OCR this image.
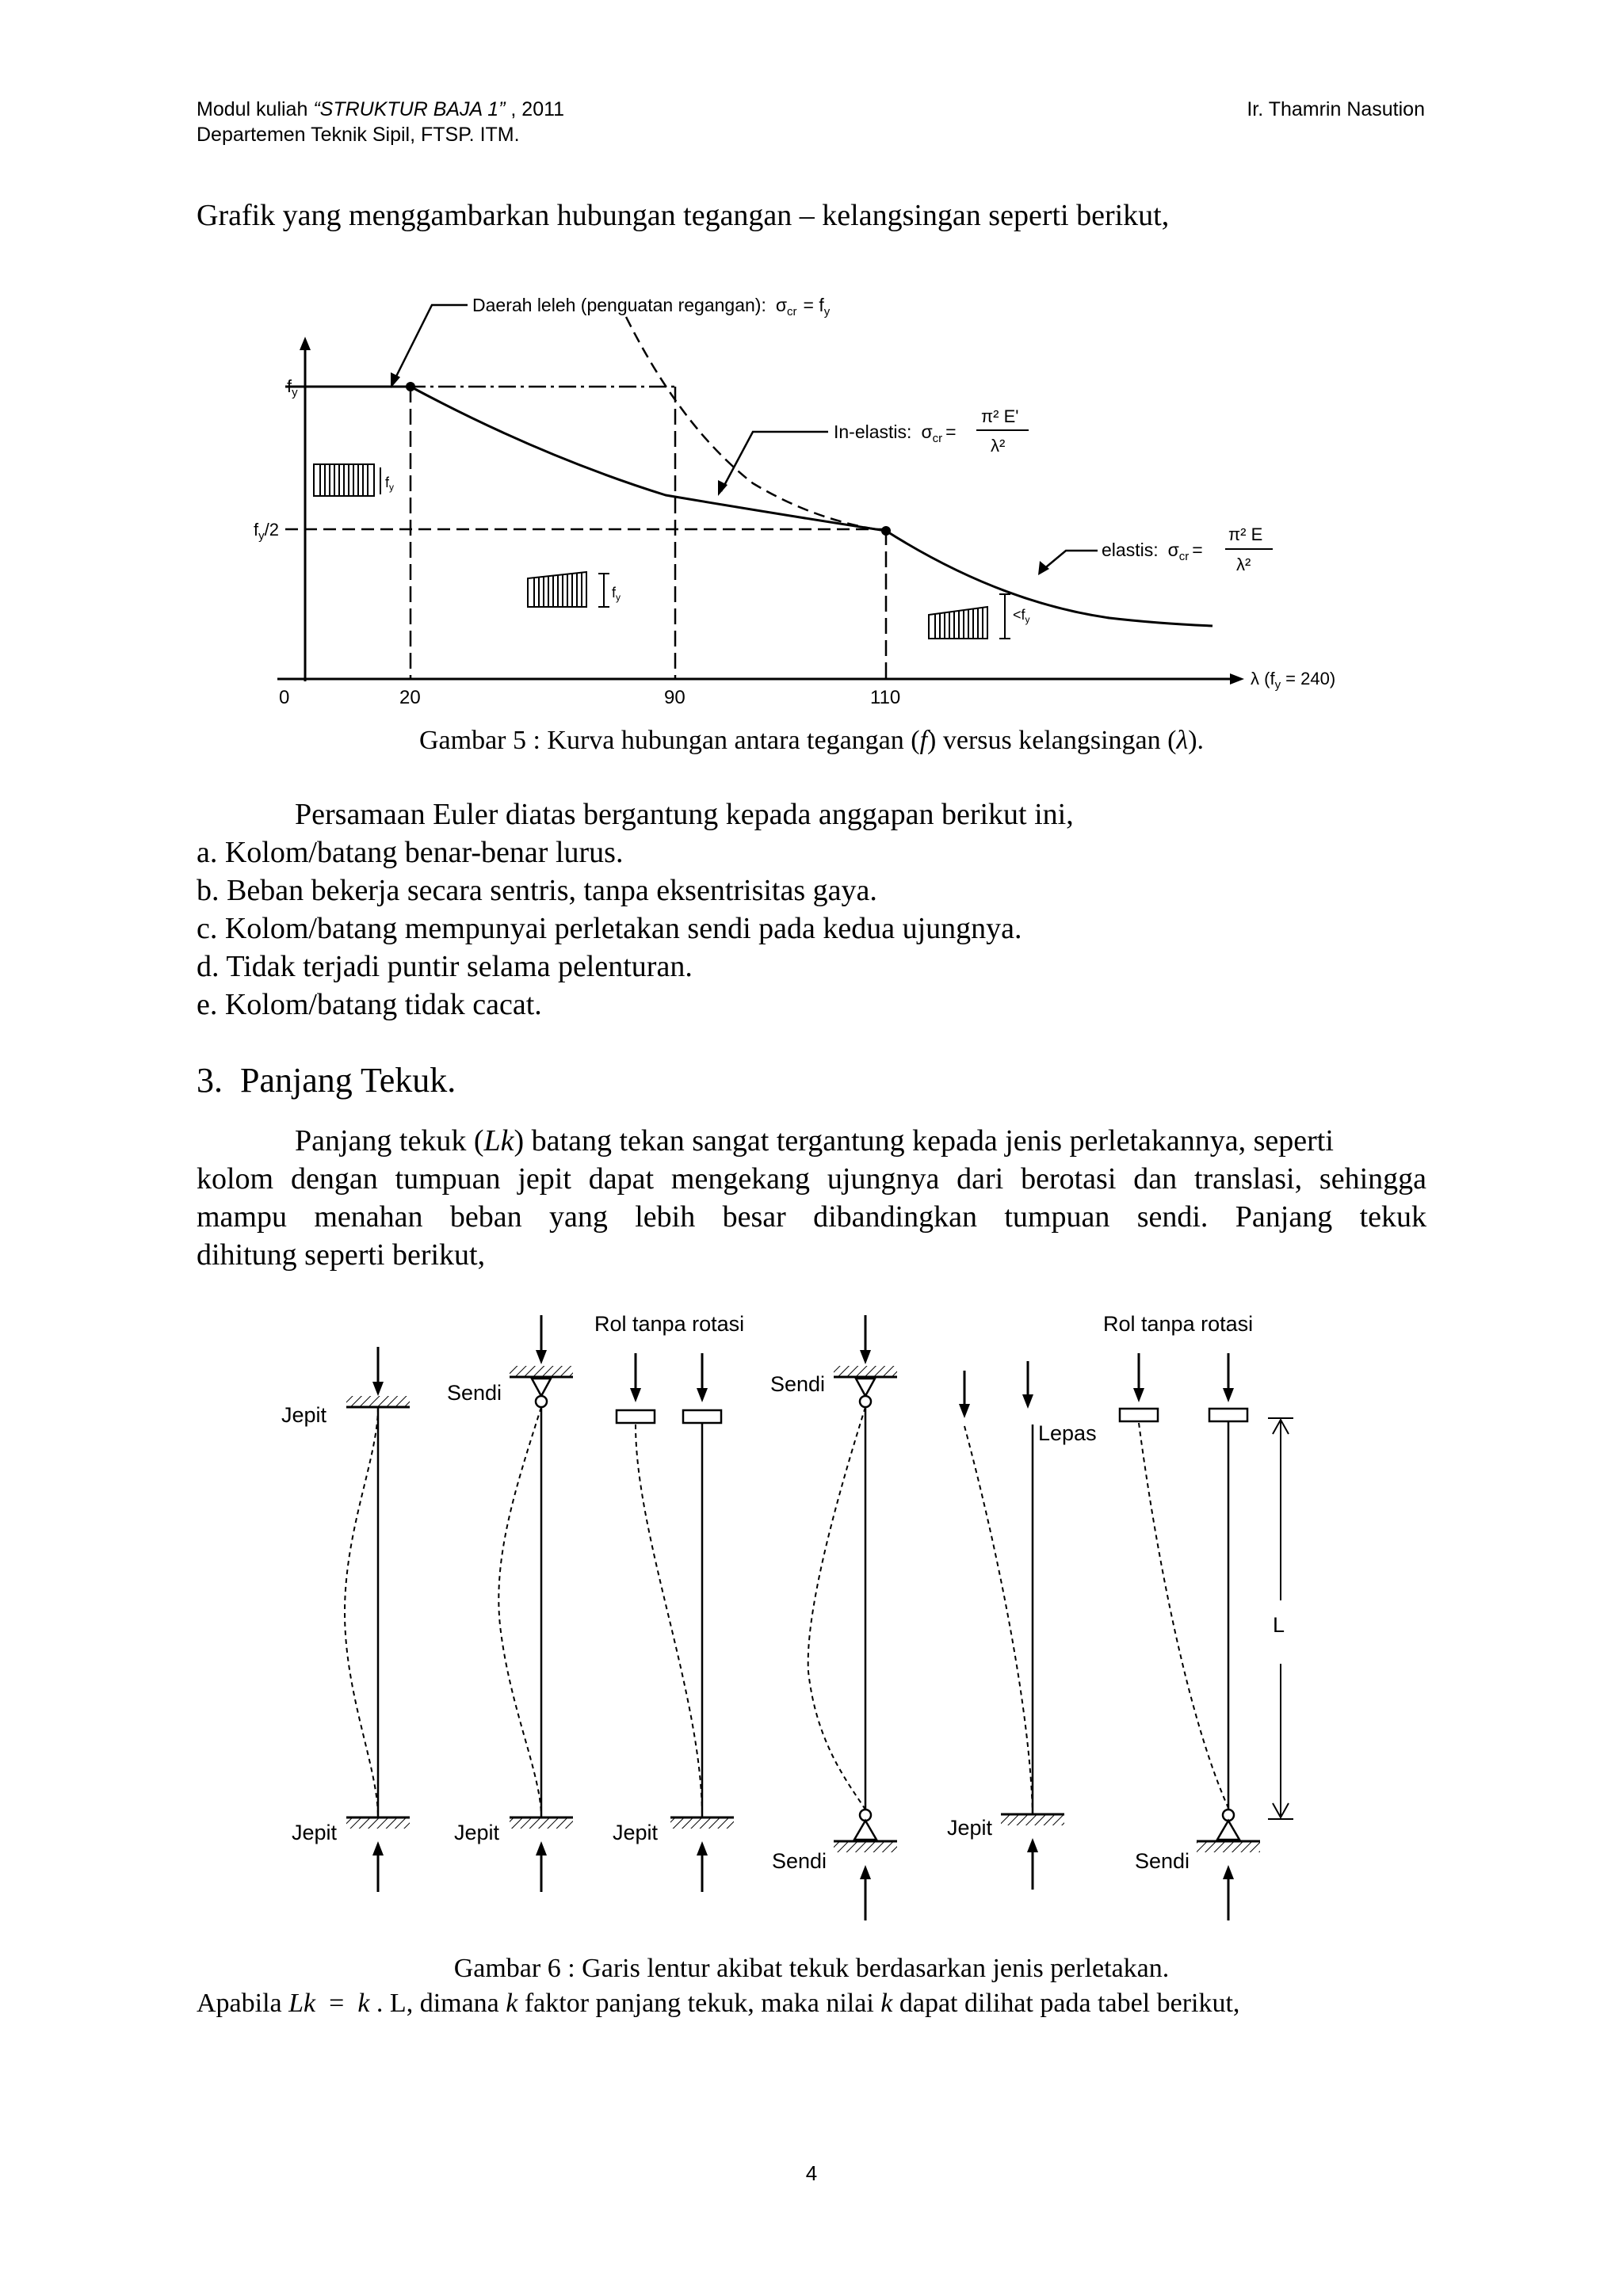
Modul kuliah “STRUKTUR BAJA 1” , 2011
Departemen Teknik Sipil, FTSP. ITM.
Ir. Thamrin Nasution
Grafik yang menggambarkan hubungan tegangan – kelangsingan seperti berikut,
$f_y$
$f_y/2$
0	20	90	110
λ $(f_y = 240)$
Daerah leleh (penguatan regangan): $\sigma_{cr} = f_y$
In-elastis: $\sigma_{cr}$ =
π² E'
λ²
elastis: $\sigma_{cr}$ =
π² E
λ²
$f_y$
$f_y$
$<f_y$
Gambar 5 : Kurva hubungan antara tegangan (f) versus kelangsingan (λ).
Persamaan Euler diatas bergantung kepada anggapan berikut ini,
a. Kolom/batang benar-benar lurus.
b. Beban bekerja secara sentris, tanpa eksentrisitas gaya.
c. Kolom/batang mempunyai perletakan sendi pada kedua ujungnya.
d. Tidak terjadi puntir selama pelenturan.
e. Kolom/batang tidak cacat.
3.  Panjang Tekuk.
Panjang tekuk (Lk) batang tekan sangat tergantung kepada jenis perletakannya, seperti
kolom dengan tumpuan jepit dapat mengekang ujungnya dari berotasi dan translasi, sehingga
mampu menahan beban yang lebih besar dibandingkan tumpuan sendi. Panjang tekuk
dihitung seperti berikut,
Jepit
Jepit
Sendi
Jepit
Rol tanpa rotasi
Jepit
Sendi
Sendi
Lepas
Jepit
Rol tanpa rotasi
Sendi
L
Gambar 6 : Garis lentur akibat tekuk berdasarkan jenis perletakan.
Apabila Lk  =  k . L, dimana k faktor panjang tekuk, maka nilai k dapat dilihat pada tabel berikut,
4
